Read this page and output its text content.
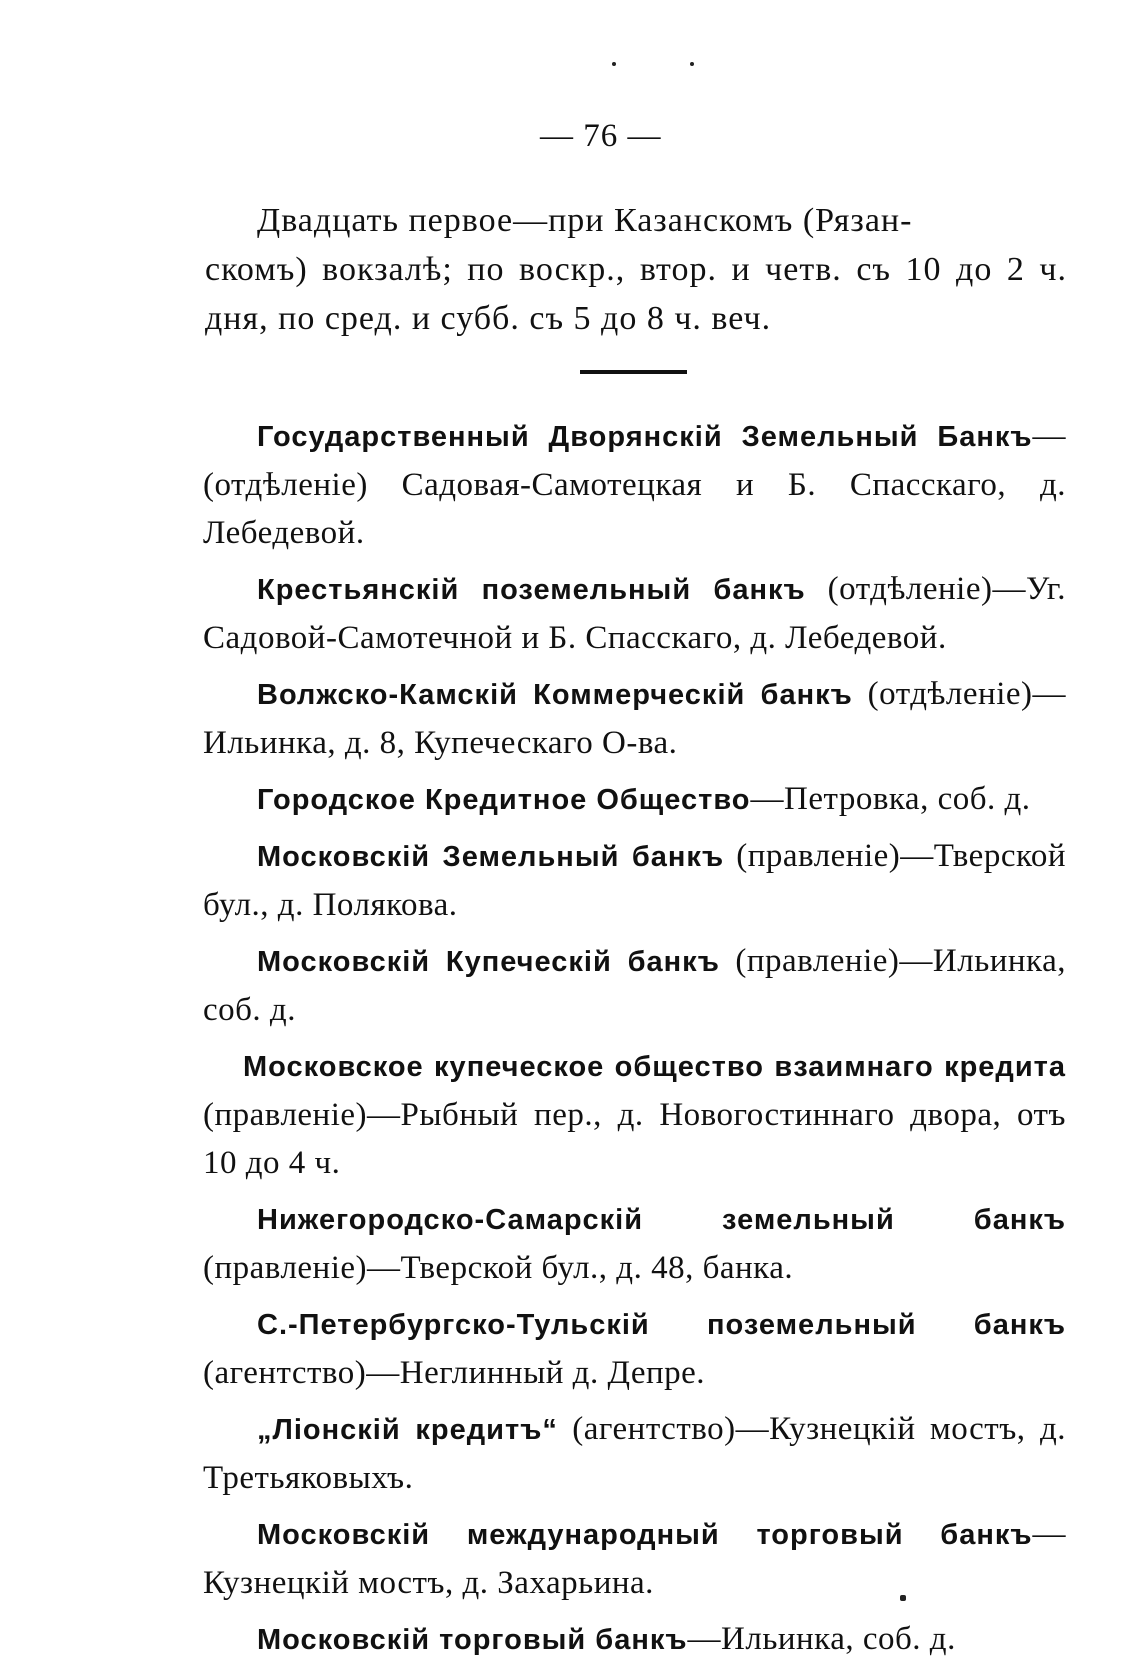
— 76 —
Двадцать первое—при Казанскомъ (Рязан-
скомъ) вокзалѣ; по воскр., втор. и четв. съ 10 до 2 ч. дня, по сред. и субб. съ 5 до 8 ч. веч.

Государственный Дворянскій Земельный Банкъ—(отдѣленіе) Садовая-Самотецкая и Б. Спасскаго, д. Лебедевой.

Крестьянскій поземельный банкъ (отдѣленіе)—Уг. Садовой-Самотечной и Б. Спасскаго, д. Лебедевой.

Волжско-Камскій Коммерческій банкъ (отдѣленіе)—Ильинка, д. 8, Купеческаго О-ва.

Городское Кредитное Общество—Петровка, соб. д.

Московскій Земельный банкъ (правленіе)—Тверской бул., д. Полякова.

Московскій Купеческій банкъ (правленіе)—Ильинка, соб. д.

Московское купеческое общество взаимнаго кредита (правленіе)—Рыбный пер., д. Новогостиннаго двора, отъ 10 до 4 ч.

Нижегородско-Самарскій земельный банкъ (правленіе)—Тверской бул., д. 48, банка.

С.-Петербургско-Тульскій поземельный банкъ (агентство)—Неглинный д. Депре.

„Ліонскій кредитъ“ (агентство)—Кузнецкій мостъ, д. Третьяковыхъ.

Московскій международный торговый банкъ—Кузнецкій мостъ, д. Захарьина.

Московскій торговый банкъ—Ильинка, соб. д.
